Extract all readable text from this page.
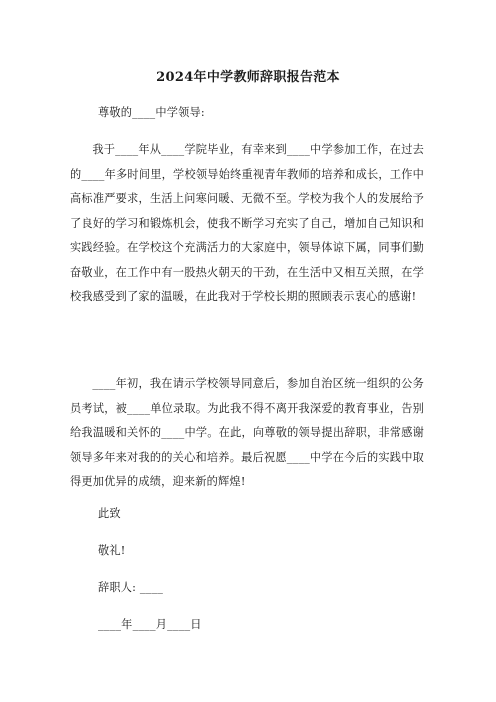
2024年中学教师辞职报告范本
尊敬的____中学领导:
我于____年从____学院毕业，有幸来到____中学参加工作，在过去的____年多时间里，学校领导始终重视青年教师的培养和成长，工作中高标准严要求，生活上问寒问暖、无微不至。学校为我个人的发展给予了良好的学习和锻炼机会，使我不断学习充实了自己，增加自己知识和实践经验。在学校这个充满活力的大家庭中，领导体谅下属，同事们勤奋敬业，在工作中有一股热火朝天的干劲，在生活中又相互关照，在学校我感受到了家的温暖，在此我对于学校长期的照顾表示衷心的感谢!
____年初，我在请示学校领导同意后，参加自治区统一组织的公务员考试，被____单位录取。为此我不得不离开我深爱的教育事业，告别给我温暖和关怀的____中学。在此，向尊敬的领导提出辞职，非常感谢领导多年来对我的的关心和培养。最后祝愿____中学在今后的实践中取得更加优异的成绩，迎来新的辉煌!
此致
敬礼!
辞职人: ____
____年____月____日
